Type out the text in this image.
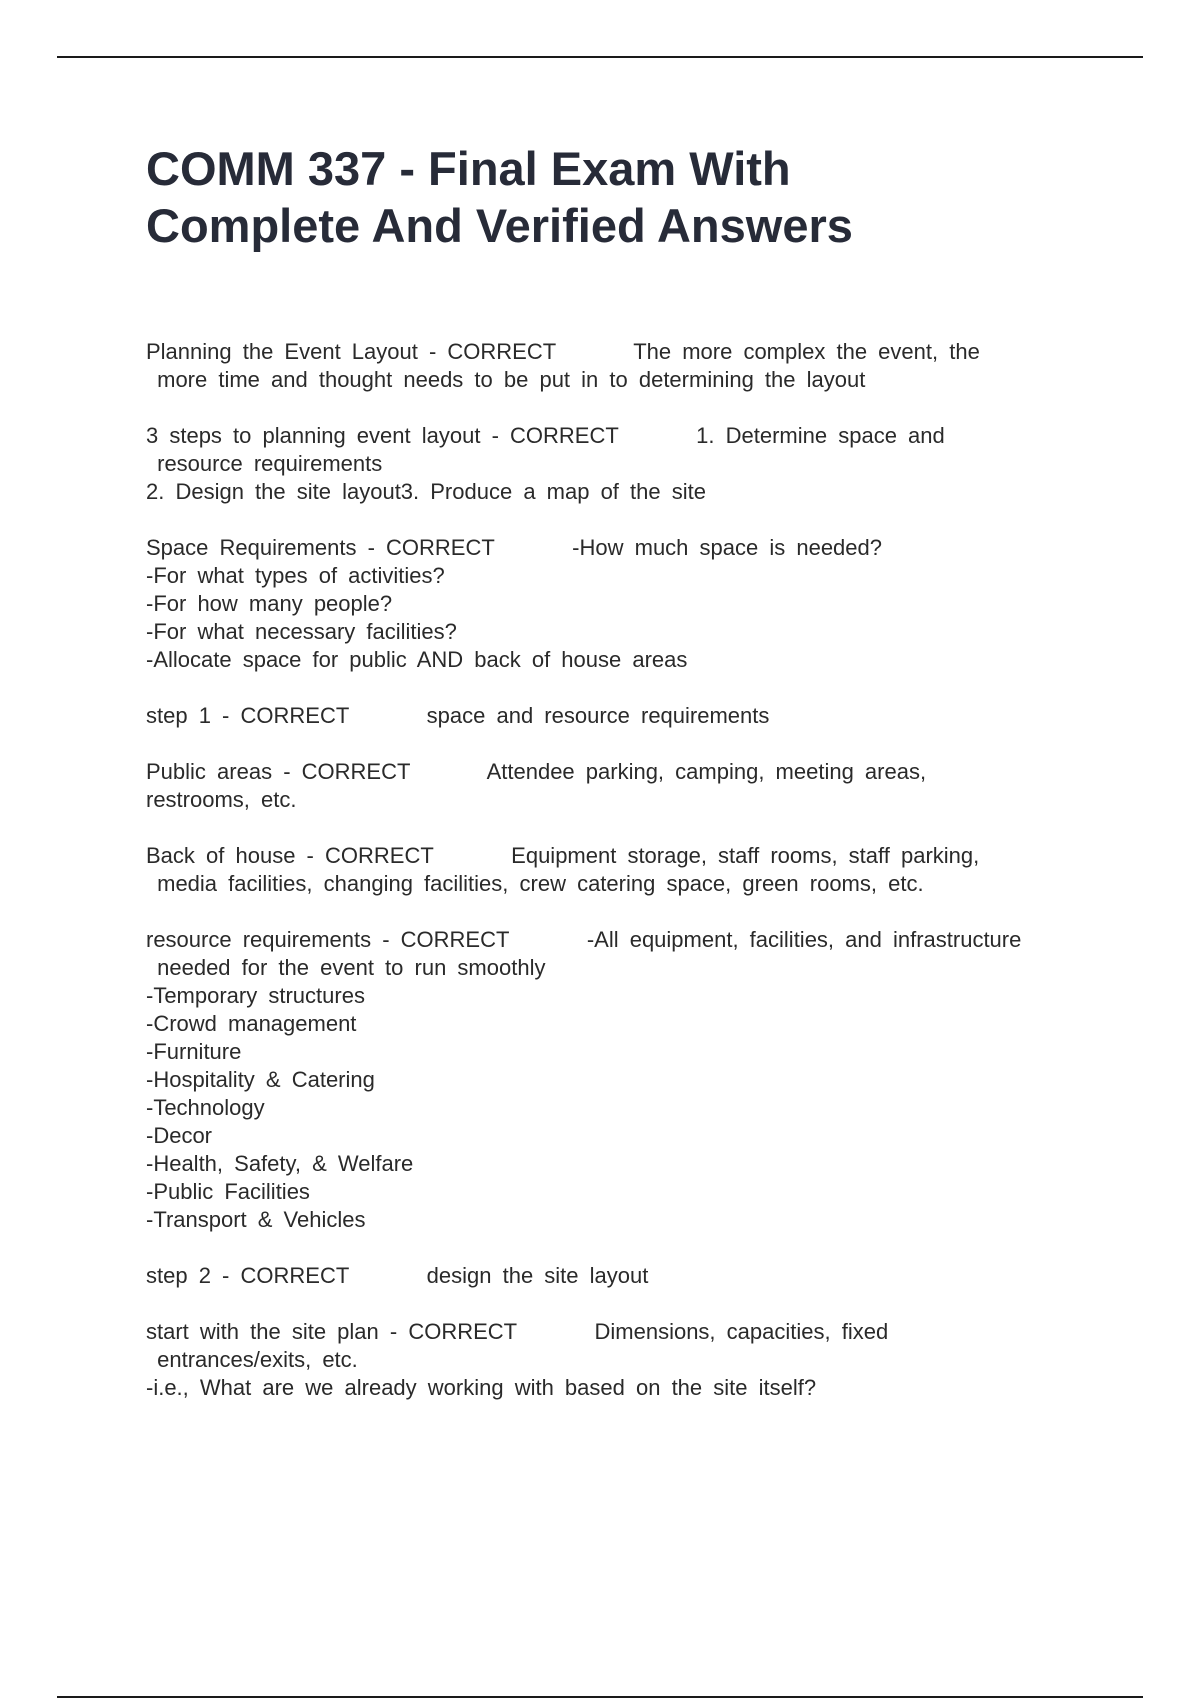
COMM 337 - Final Exam With
Complete And Verified Answers
Planning the Event Layout - CORRECT       The more complex the event, the
more time and thought needs to be put in to determining the layout
3 steps to planning event layout - CORRECT       1. Determine space and
resource requirements
2. Design the site layout3. Produce a map of the site
Space Requirements - CORRECT       -How much space is needed?
-For what types of activities?
-For how many people?
-For what necessary facilities?
-Allocate space for public AND back of house areas
step 1 - CORRECT       space and resource requirements
Public areas - CORRECT       Attendee parking, camping, meeting areas,
restrooms, etc.
Back of house - CORRECT       Equipment storage, staff rooms, staff parking,
media facilities, changing facilities, crew catering space, green rooms, etc.
resource requirements - CORRECT       -All equipment, facilities, and infrastructure
needed for the event to run smoothly
-Temporary structures
-Crowd management
-Furniture
-Hospitality & Catering
-Technology
-Decor
-Health, Safety, & Welfare
-Public Facilities
-Transport & Vehicles
step 2 - CORRECT       design the site layout
start with the site plan - CORRECT       Dimensions, capacities, fixed
entrances/exits, etc.
-i.e., What are we already working with based on the site itself?
